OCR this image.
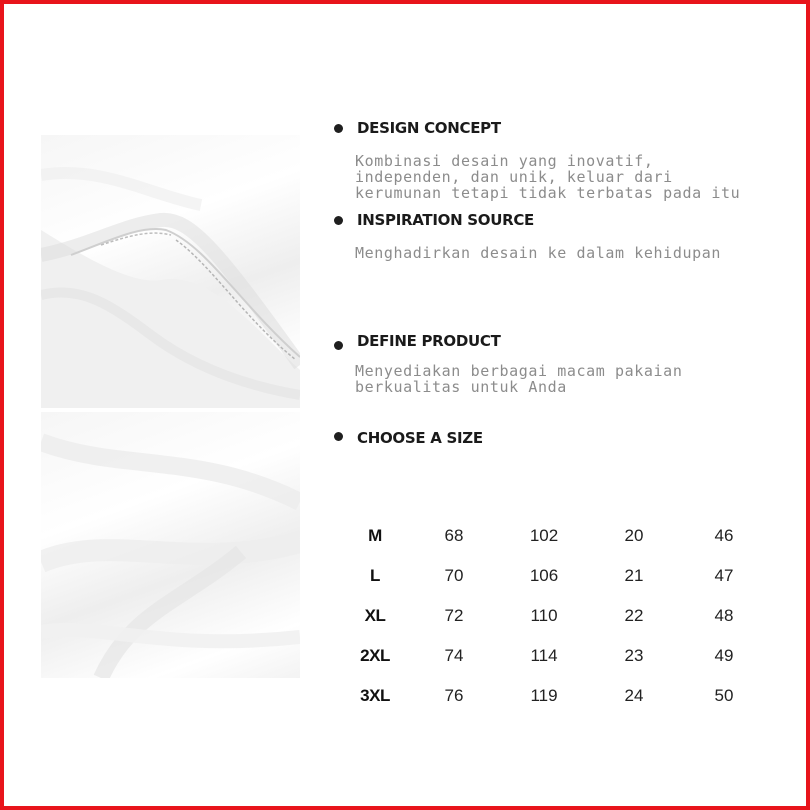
DESIGN CONCEPT
Kombinasi desain yang inovatif,
independen, dan unik, keluar dari
kerumunan tetapi tidak terbatas pada itu
INSPIRATION SOURCE
Menghadirkan desain ke dalam kehidupan
DEFINE PRODUCT
Menyediakan berbagai macam pakaian
berkualitas untuk Anda
CHOOSE A SIZE
M	68	102	20	46
L	70	106	21	47
XL	72	110	22	48
2XL	74	114	23	49
3XL	76	119	24	50
